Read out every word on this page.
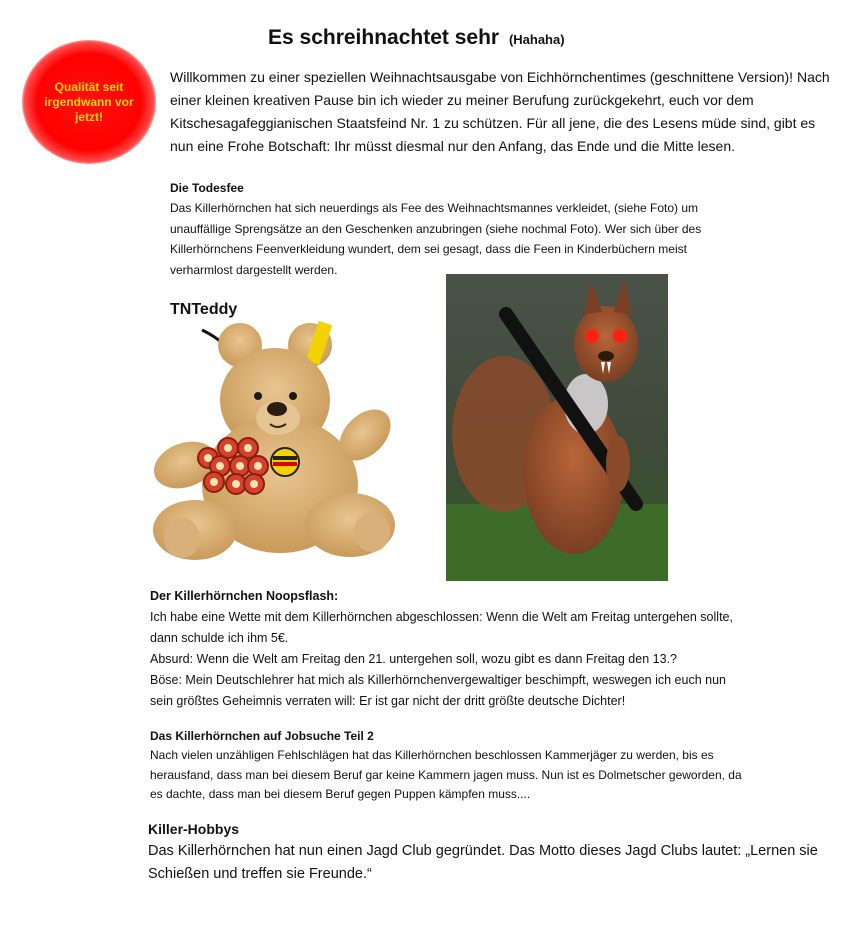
Es schreihnachtet sehr (Hahaha)
Qualität seit irgendwann vor jetzt!
Willkommen zu einer speziellen Weihnachtsausgabe von Eichhörnchentimes (geschnittene Version)! Nach einer kleinen kreativen Pause bin ich wieder zu meiner Berufung zurückgekehrt, euch vor dem Kitschesagafeggianischen Staatsfeind Nr. 1 zu schützen. Für all jene, die des Lesens müde sind, gibt es nun eine Frohe Botschaft: Ihr müsst diesmal nur den Anfang, das Ende und die Mitte lesen.
Die Todesfee
Das Killerhörnchen hat sich neuerdings als Fee des Weihnachtsmannes verkleidet, (siehe Foto) um unauffällige Sprengsätze an den Geschenken anzubringen (siehe nochmal Foto). Wer sich über des Killerhörnchens Feenverkleidung wundert, dem sei gesagt, dass die Feen in Kinderbüchern meist verharmlost dargestellt werden.
TNTeddy
Der Killerhörnchen Noopsflash:
Ich habe eine Wette mit dem Killerhörnchen abgeschlossen: Wenn die Welt am Freitag untergehen sollte, dann schulde ich ihm 5€.
Absurd: Wenn die Welt am Freitag den 21. untergehen soll, wozu gibt es dann Freitag den 13.?
Böse: Mein Deutschlehrer hat mich als Killerhörnchenvergewaltiger beschimpft, weswegen ich euch nun sein größtes Geheimnis verraten will: Er ist gar nicht der dritt größte deutsche Dichter!
Das Killerhörnchen auf Jobsuche Teil 2
Nach vielen unzähligen Fehlschlägen hat das Killerhörnchen beschlossen Kammerjäger zu werden, bis es herausfand, dass man bei diesem Beruf gar keine Kammern jagen muss. Nun ist es Dolmetscher geworden, da es dachte, dass man bei diesem Beruf gegen Puppen kämpfen muss....
Killer-Hobbys
Das Killerhörnchen hat nun einen Jagd Club gegründet. Das Motto dieses Jagd Clubs lautet: „Lernen sie Schießen und treffen sie Freunde.“
